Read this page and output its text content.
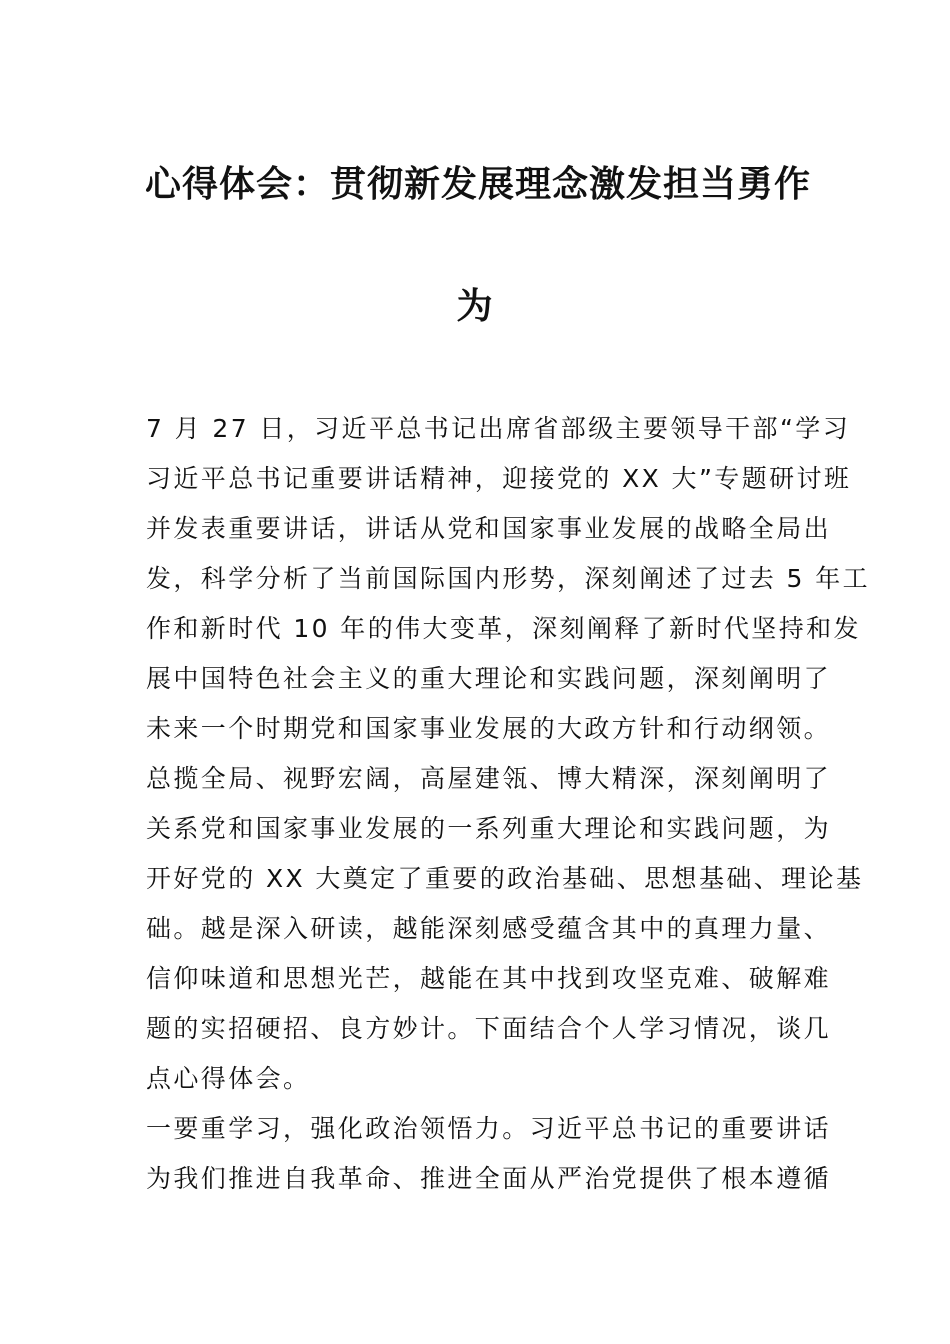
心得体会：贯彻新发展理念激发担当勇作
为

7 月 27 日，习近平总书记出席省部级主要领导干部“学习

习近平总书记重要讲话精神，迎接党的 XX 大”专题研讨班

并发表重要讲话，讲话从党和国家事业发展的战略全局出

发，科学分析了当前国际国内形势，深刻阐述了过去 5 年工

作和新时代 10 年的伟大变革，深刻阐释了新时代坚持和发

展中国特色社会主义的重大理论和实践问题，深刻阐明了

未来一个时期党和国家事业发展的大政方针和行动纲领。

总揽全局、视野宏阔，高屋建瓴、博大精深，深刻阐明了

关系党和国家事业发展的一系列重大理论和实践问题，为

开好党的 XX 大奠定了重要的政治基础、思想基础、理论基

础。越是深入研读，越能深刻感受蕴含其中的真理力量、

信仰味道和思想光芒，越能在其中找到攻坚克难、破解难

题的实招硬招、良方妙计。下面结合个人学习情况，谈几

点心得体会。

一要重学习，强化政治领悟力。习近平总书记的重要讲话

为我们推进自我革命、推进全面从严治党提供了根本遵循
